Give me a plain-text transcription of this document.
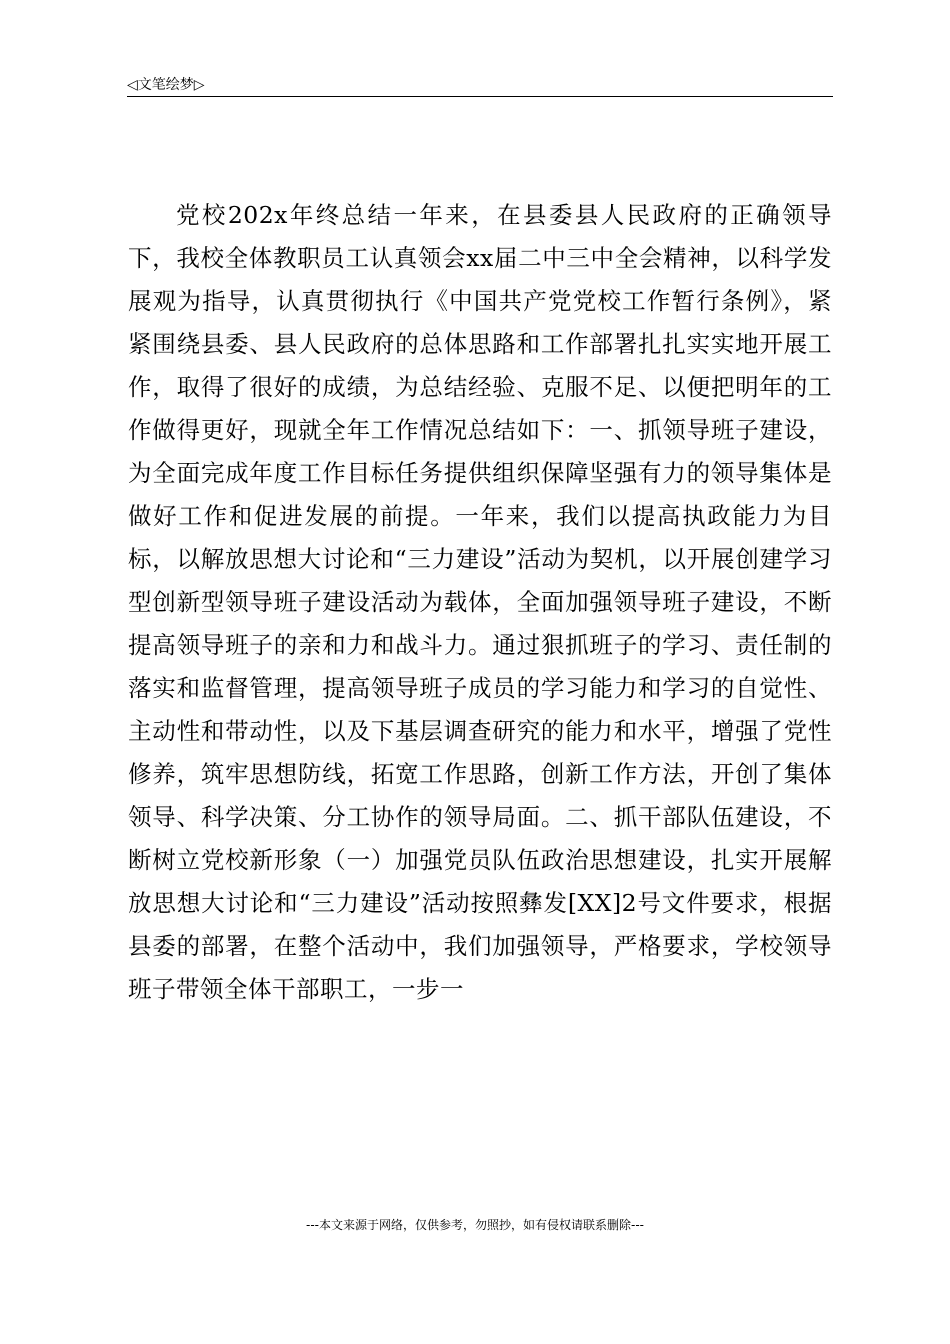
◁文笔绘梦▷

党校202x年终总结一年来，在县委县人民政府的正确领导下，我校全体教职员工认真领会xx届二中三中全会精神，以科学发展观为指导，认真贯彻执行《中国共产党党校工作暂行条例》，紧紧围绕县委、县人民政府的总体思路和工作部署扎扎实实地开展工作，取得了很好的成绩，为总结经验、克服不足、以便把明年的工作做得更好，现就全年工作情况总结如下：一、抓领导班子建设，为全面完成年度工作目标任务提供组织保障坚强有力的领导集体是做好工作和促进发展的前提。一年来，我们以提高执政能力为目标，以解放思想大讨论和“三力建设”活动为契机，以开展创建学习型创新型领导班子建设活动为载体，全面加强领导班子建设，不断提高领导班子的亲和力和战斗力。通过狠抓班子的学习、责任制的落实和监督管理，提高领导班子成员的学习能力和学习的自觉性、主动性和带动性，以及下基层调查研究的能力和水平，增强了党性修养，筑牢思想防线，拓宽工作思路，创新工作方法，开创了集体领导、科学决策、分工协作的领导局面。二、抓干部队伍建设，不断树立党校新形象（一）加强党员队伍政治思想建设，扎实开展解放思想大讨论和“三力建设”活动按照彝发[XX]2号文件要求，根据县委的部署，在整个活动中，我们加强领导，严格要求，学校领导班子带领全体干部职工，一步一

---本文来源于网络，仅供参考，勿照抄，如有侵权请联系删除---
